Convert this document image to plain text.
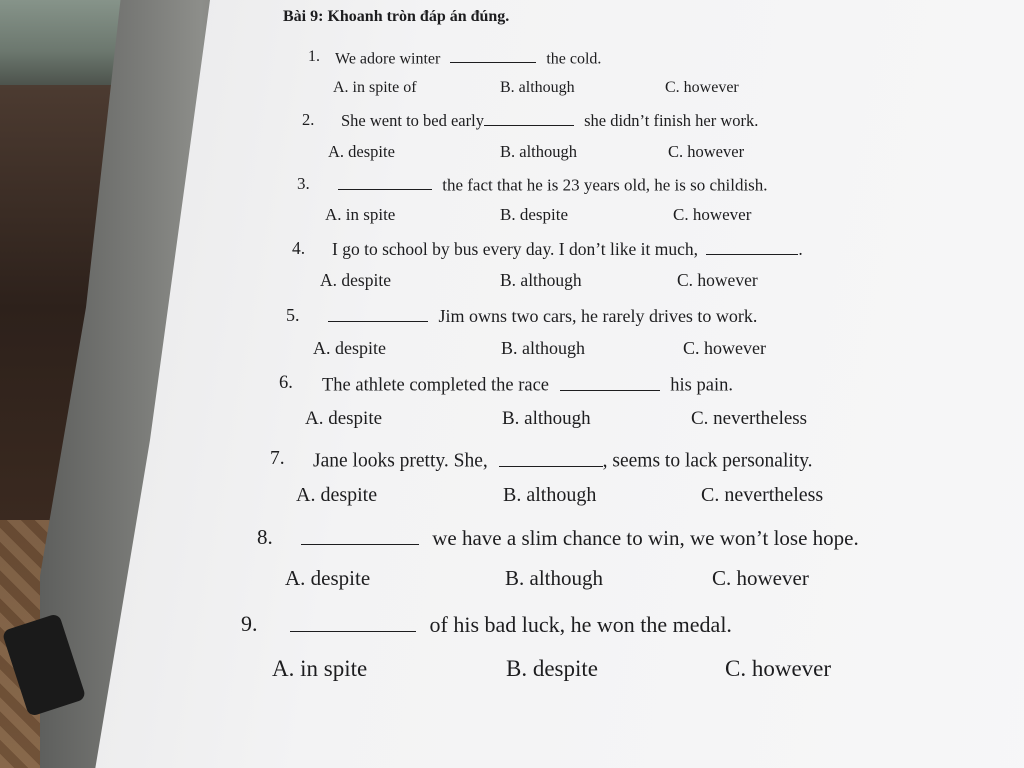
Bài 9: Khoanh tròn đáp án đúng.
1. We adore winter	the cold.
A. in spite of	B. although	C. however
2. She went to bed early	she didn’t finish her work.
A. despite	B. although	C. however
3.	the fact that he is 23 years old, he is so childish.
A. in spite	B. despite	C. however
4. I go to school by bus every day. I don’t like it much,	.
A. despite	B. although	C. however
5.	Jim owns two cars, he rarely drives to work.
A. despite	B. although	C. however
6. The athlete completed the race	his pain.
A. despite	B. although	C. nevertheless
7. Jane looks pretty. She,	, seems to lack personality.
A. despite	B. although	C. nevertheless
8.	we have a slim chance to win, we won’t lose hope.
A. despite	B. although	C. however
9.	of his bad luck, he won the medal.
A. in spite	B. despite	C. however
